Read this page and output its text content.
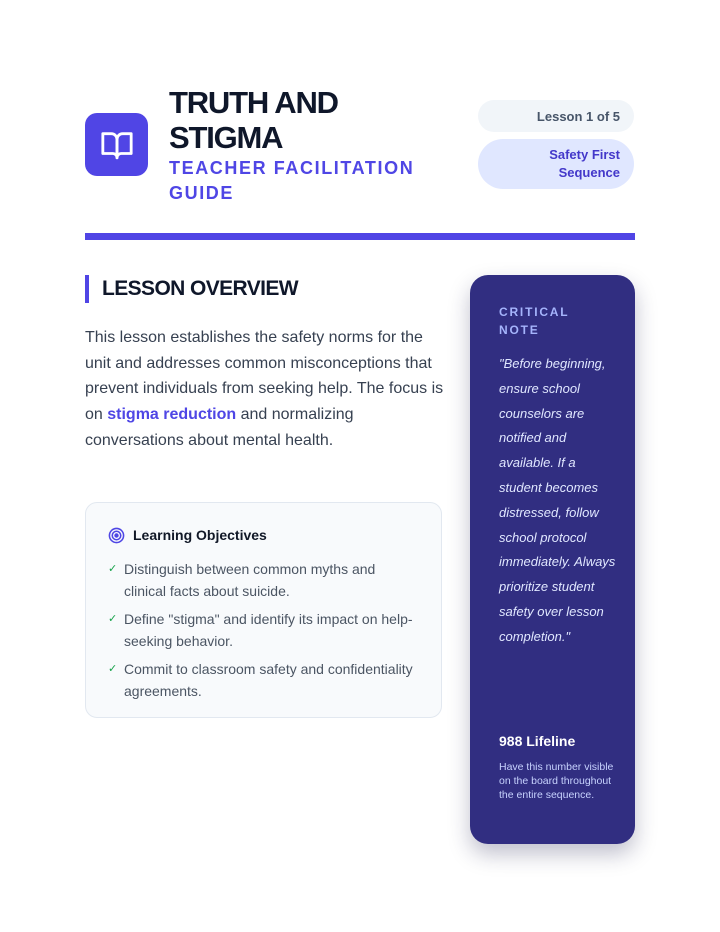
TRUTH AND STIGMA
TEACHER FACILITATION GUIDE
Lesson 1 of 5
Safety First Sequence
LESSON OVERVIEW

This lesson establishes the safety norms for the unit and addresses common misconceptions that prevent individuals from seeking help. The focus is on stigma reduction and normalizing conversations about mental health.

Learning Objectives
✓ Distinguish between common myths and clinical facts about suicide.
✓ Define "stigma" and identify its impact on help-seeking behavior.
✓ Commit to classroom safety and confidentiality agreements.
CRITICAL NOTE
"Before beginning, ensure school counselors are notified and available. If a student becomes distressed, follow school protocol immediately. Always prioritize student safety over lesson completion."
988 Lifeline
Have this number visible on the board throughout the entire sequence.
